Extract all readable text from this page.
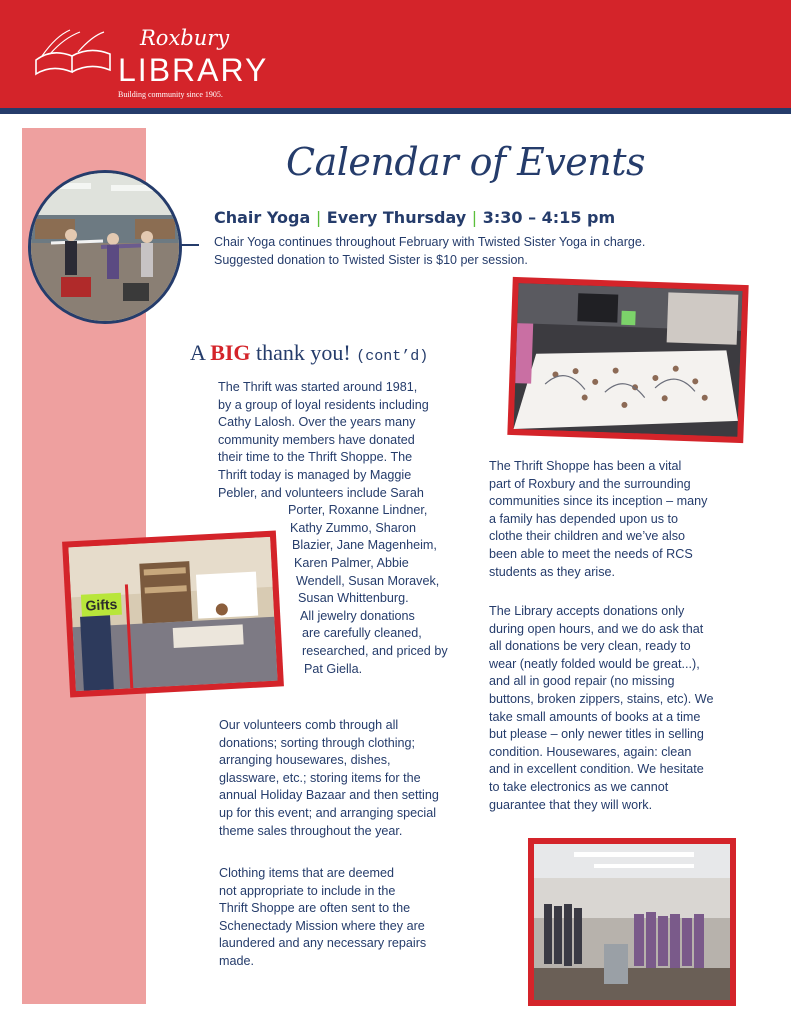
Roxbury
LIBRARY
Building community since 1905.
Calendar of Events
Chair Yoga | Every Thursday | 3:30 – 4:15 pm
Chair Yoga continues throughout February with Twisted Sister Yoga in charge.
Suggested donation to Twisted Sister is $10 per session.
A BIG thank you! (cont’d)
Gifts
The Thrift was started around 1981,
by a group of loyal residents including
Cathy Lalosh. Over the years many
community members have donated
their time to the Thrift Shoppe. The
Thrift today is managed by Maggie
Pebler, and volunteers include Sarah
Porter, Roxanne Lindner,
Kathy Zummo, Sharon
Blazier, Jane Magenheim,
Karen Palmer, Abbie
Wendell, Susan Moravek,
Susan Whittenburg.
All jewelry donations
are carefully cleaned,
researched, and priced by
Pat Giella.
Our volunteers comb through all
donations; sorting through clothing;
arranging housewares, dishes,
glassware, etc.; storing items for the
annual Holiday Bazaar and then setting
up for this event; and arranging special
theme sales throughout the year.
Clothing items that are deemed
not appropriate to include in the
Thrift Shoppe are often sent to the
Schenectady Mission where they are
laundered and any necessary repairs
made.
The Thrift Shoppe has been a vital
part of Roxbury and the surrounding
communities since its inception – many
a family has depended upon us to
clothe their children and we’ve also
been able to meet the needs of RCS
students as they arise.
The Library accepts donations only
during open hours, and we do ask that
all donations be very clean, ready to
wear (neatly folded would be great...),
and all in good repair (no missing
buttons, broken zippers, stains, etc). We
take small amounts of books at a time
but please – only newer titles in selling
condition. Housewares, again: clean
and in excellent condition. We hesitate
to take electronics as we cannot
guarantee that they will work.
